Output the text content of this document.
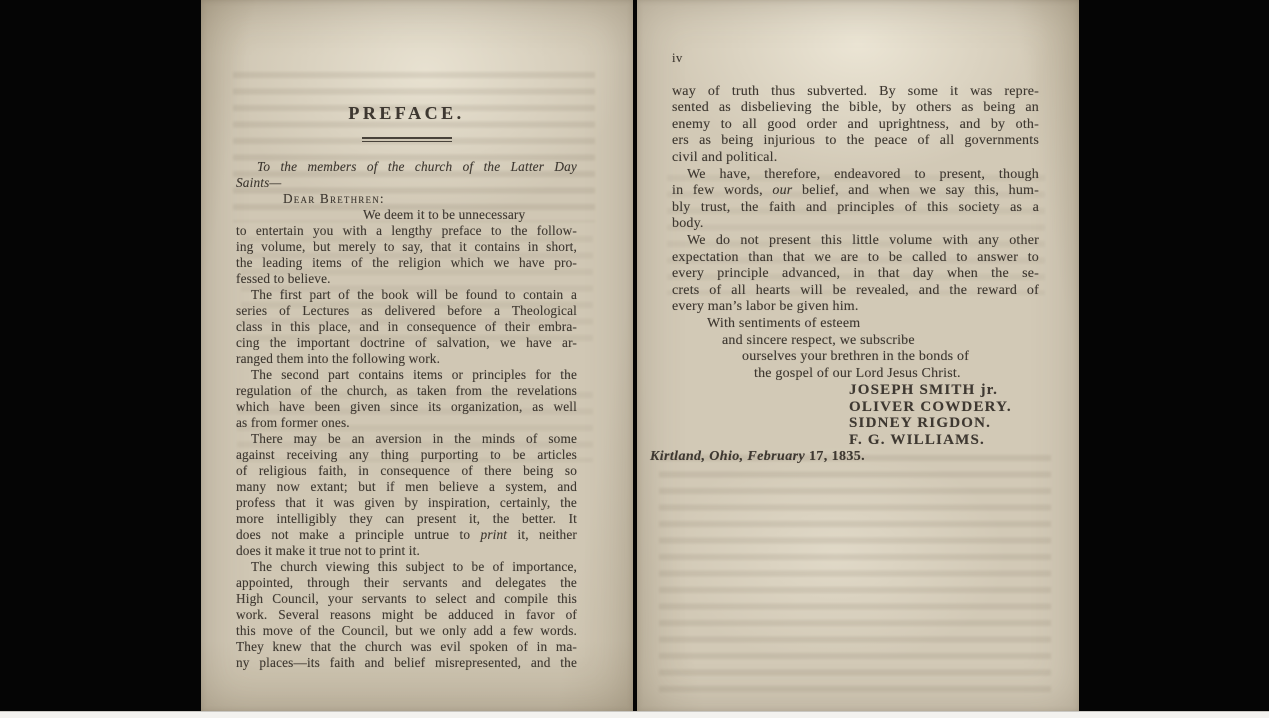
PREFACE.
To the members of the church of the Latter Day
Saints—
Dear Brethren:
We deem it to be unnecessary
to entertain you with a lengthy preface to the follow-
ing volume, but merely to say, that it contains in short,
the leading items of the religion which we have pro-
fessed to believe.
The first part of the book will be found to contain a
series of Lectures as delivered before a Theological
class in this place, and in consequence of their embra-
cing the important doctrine of salvation, we have ar-
ranged them into the following work.
The second part contains items or principles for the
regulation of the church, as taken from the revelations
which have been given since its organization, as well
as from former ones.
There may be an aversion in the minds of some
against receiving any thing purporting to be articles
of religious faith, in consequence of there being so
many now extant; but if men believe a system, and
profess that it was given by inspiration, certainly, the
more intelligibly they can present it, the better. It
does not make a principle untrue to print it, neither
does it make it true not to print it.
The church viewing this subject to be of importance,
appointed, through their servants and delegates the
High Council, your servants to select and compile this
work. Several reasons might be adduced in favor of
this move of the Council, but we only add a few words.
They knew that the church was evil spoken of in ma-
ny places—its faith and belief misrepresented, and the
iv
way of truth thus subverted. By some it was repre-
sented as disbelieving the bible, by others as being an
enemy to all good order and uprightness, and by oth-
ers as being injurious to the peace of all governments
civil and political.
We have, therefore, endeavored to present, though
in few words, our belief, and when we say this, hum-
bly trust, the faith and principles of this society as a
body.
We do not present this little volume with any other
expectation than that we are to be called to answer to
every principle advanced, in that day when the se-
crets of all hearts will be revealed, and the reward of
every man’s labor be given him.
With sentiments of esteem
and sincere respect, we subscribe
ourselves your brethren in the bonds of
the gospel of our Lord Jesus Christ.
JOSEPH SMITH jr.
OLIVER COWDERY.
SIDNEY RIGDON.
F. G. WILLIAMS.
Kirtland, Ohio, February 17, 1835.
